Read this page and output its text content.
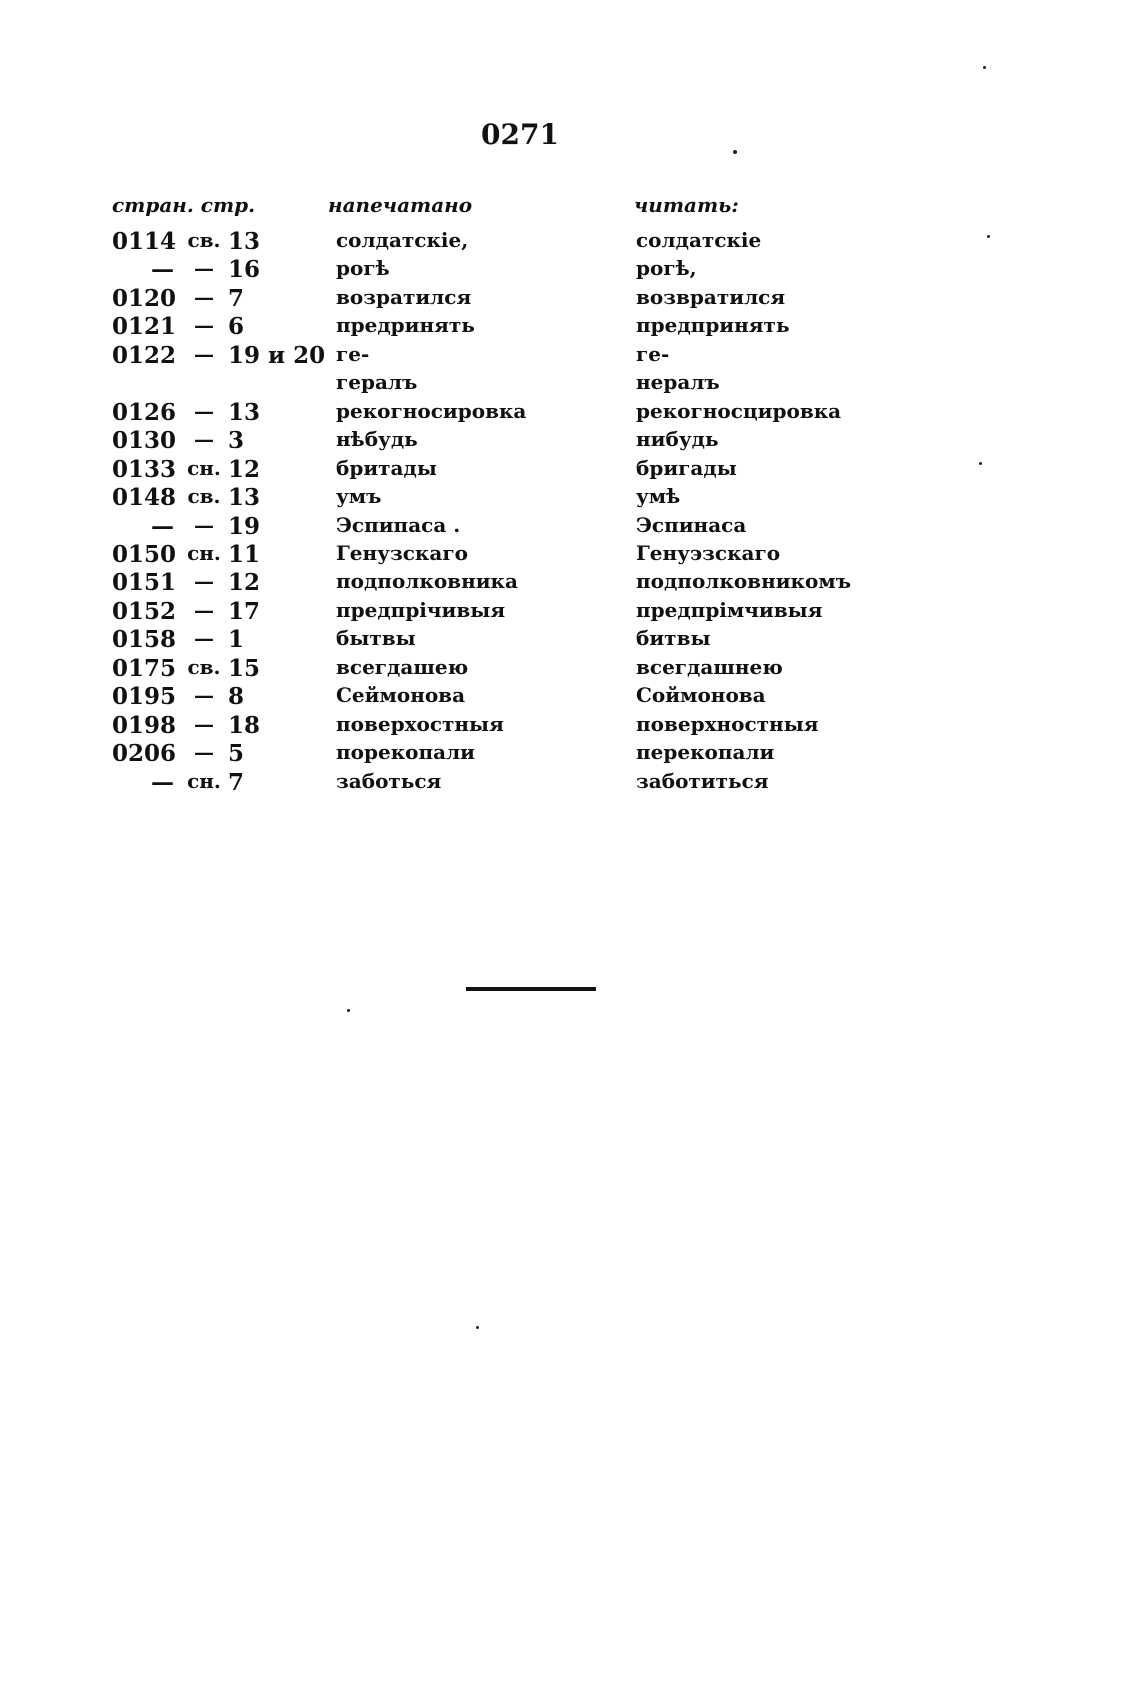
0271
стран. стр.	напечатано	читать:
0114 св. 13	солдатскіе,	солдатскіе
—	— 16	рогѣ	рогѣ,
0120 — 7	возратился	возвратился
0121 — 6	предринять	предпринять
0122 — 19 и 20 ге-	ге-
гералъ	нералъ
0126 — 13	рекогносировка	рекогносцировка
0130 — 3	нѣбудь	нибудь
0133 сн. 12	бритады	бригады
0148 св. 13	умъ	умѣ
—	— 19	Эспипаса .	Эспинаса
0150 сн. 11	Генузскаго	Генуэзскаго
0151 — 12	подполковника	подполковникомъ
0152 — 17	предпрічивыя	предпрімчивыя
0158 — 1	бытвы	битвы
0175 св. 15	всегдашею	всегдашнею
0195 — 8	Сеймонова	Соймонова
0198 — 18	поверхостныя	поверхностныя
0206 — 5	порекопали	перекопали
— сн. 7	заботься	заботиться
